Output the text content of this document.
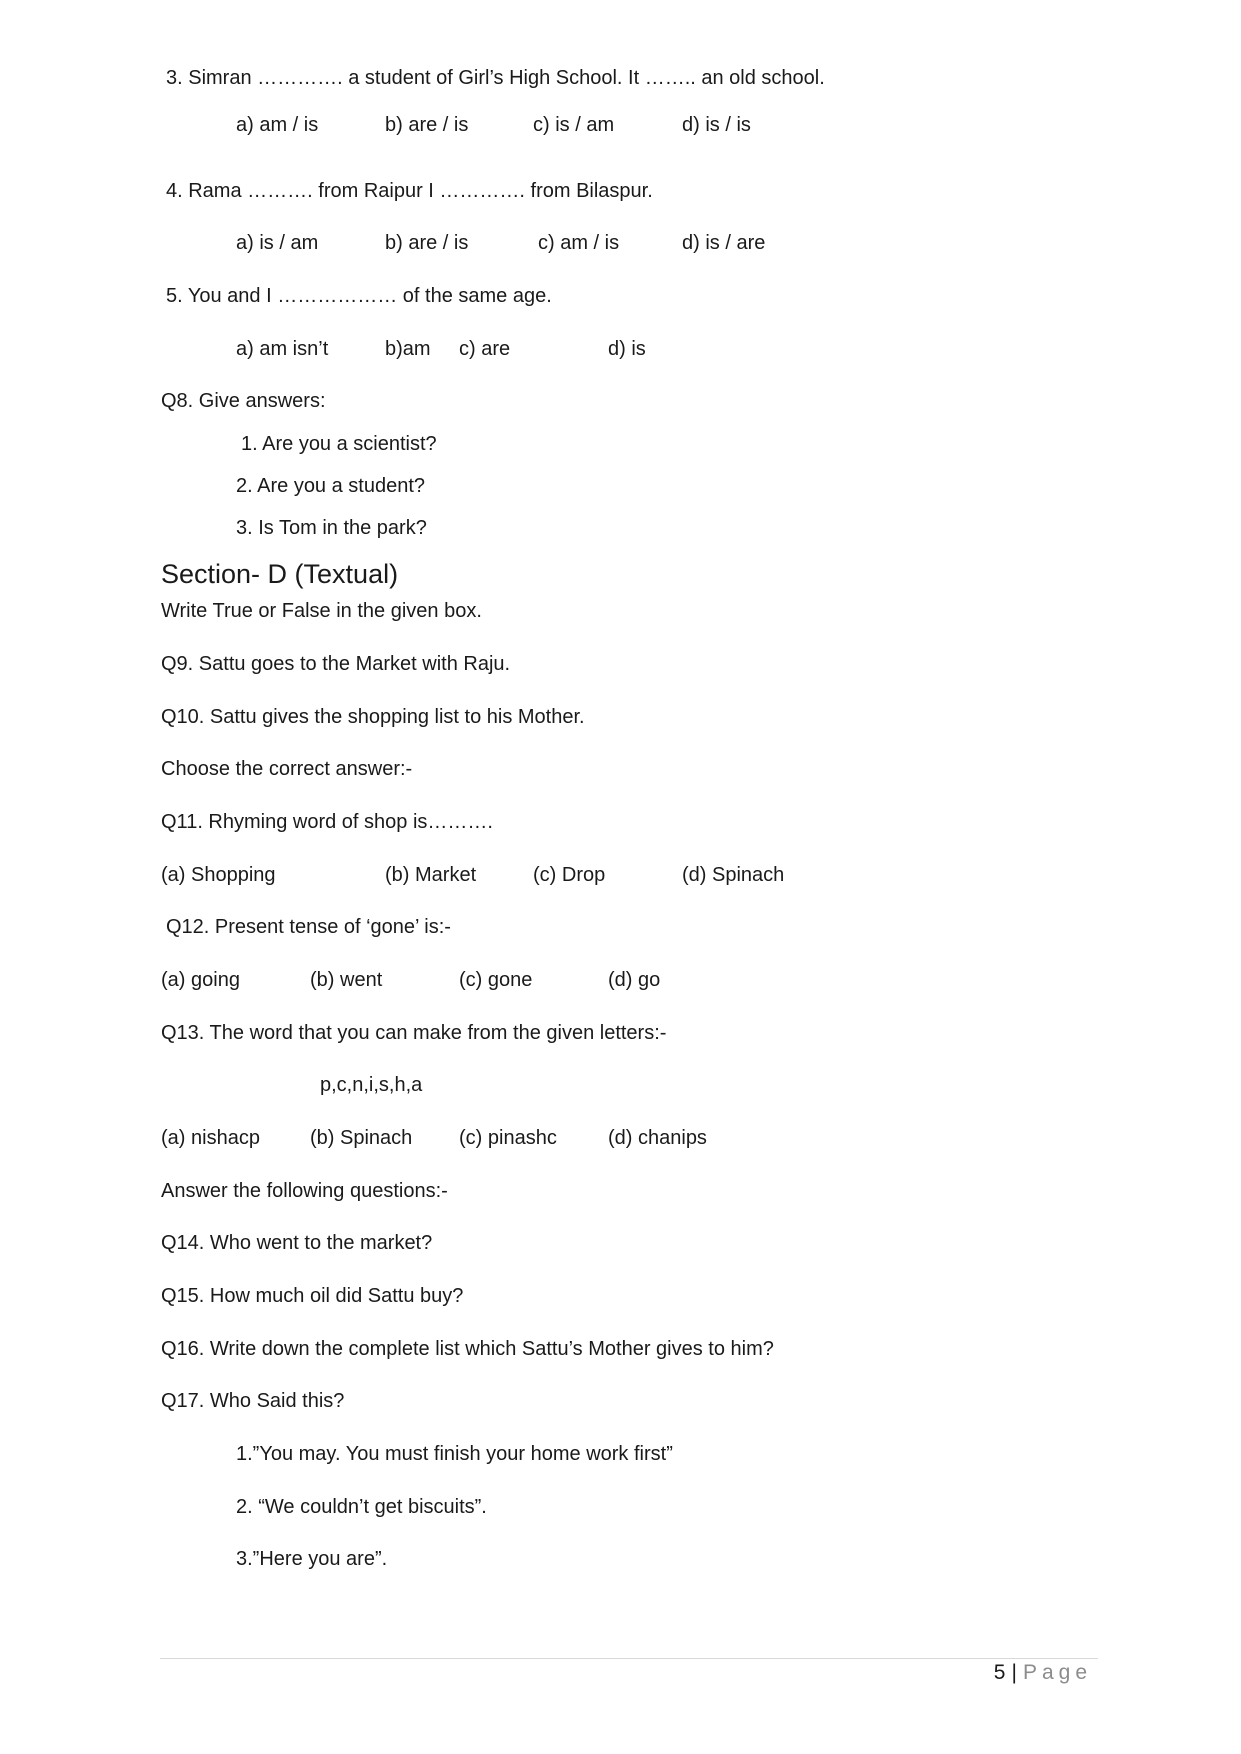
3. Simran …………. a student of Girl’s High School. It …….. an old school.
a) am / is	b) are / is	c) is / am	d) is / is
4. Rama ………. from Raipur I …………. from Bilaspur.
a) is / am	b) are / is	c) am / is	d) is / are
5. You and I ……………… of the same age.
a) am isn’t	b)am c) are	d) is
Q8. Give answers:
1. Are you a scientist?
2. Are you a student?
3. Is Tom in the park?
Section- D (Textual)
Write True or False in the given box.
Q9. Sattu goes to the Market with Raju.
Q10. Sattu gives the shopping list to his Mother.
Choose the correct answer:-
Q11. Rhyming word of shop is……….
(a) Shopping	(b) Market	(c) Drop	(d) Spinach
Q12. Present tense of ‘gone’ is:-
(a) going	(b) went	(c) gone	(d) go
Q13. The word that you can make from the given letters:-
p,c,n,i,s,h,a
(a) nishacp	(b) Spinach (c) pinashc	(d) chanips
Answer the following questions:-
Q14. Who went to the market?
Q15. How much oil did Sattu buy?
Q16. Write down the complete list which Sattu’s Mother gives to him?
Q17. Who Said this?
1.”You may. You must finish your home work first”
2. “We couldn’t get biscuits”.
3.”Here you are”.
5 | Page
